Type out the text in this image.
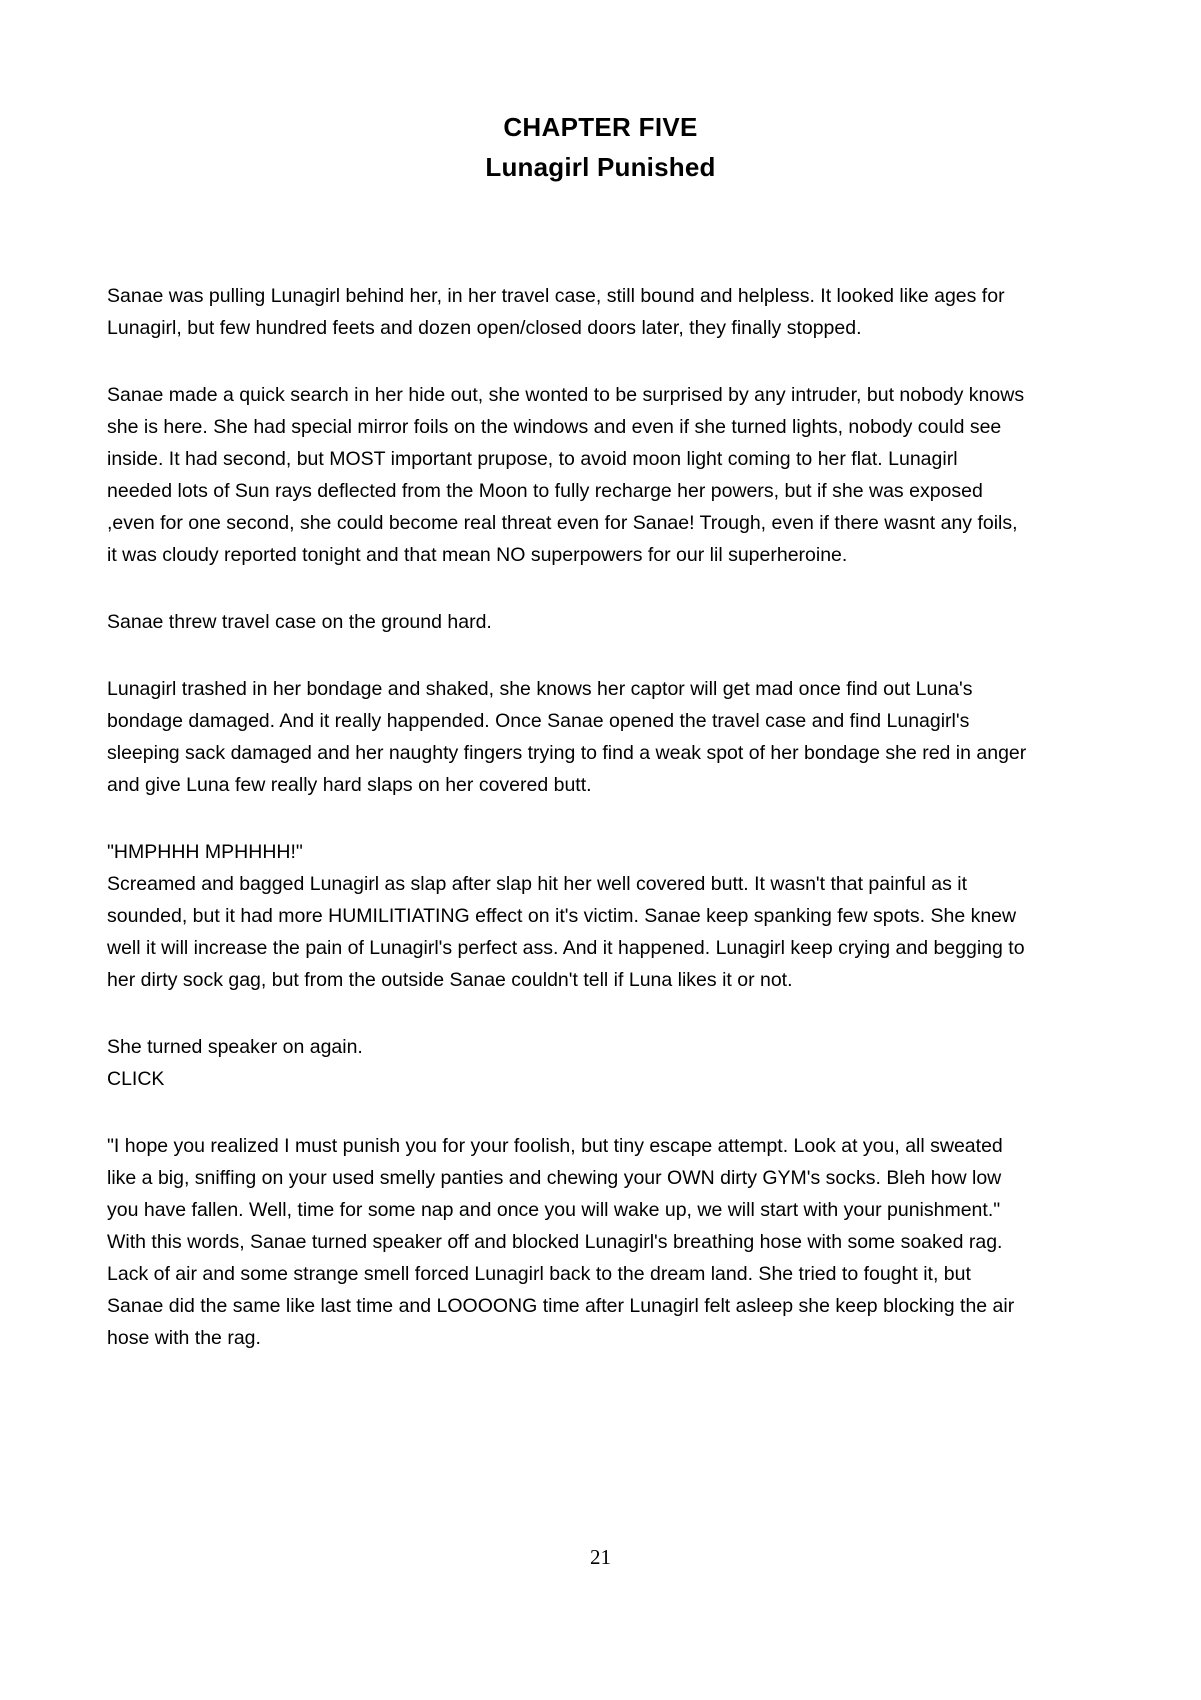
CHAPTER FIVE
Lunagirl Punished

Sanae was pulling Lunagirl behind her, in her travel case, still bound and helpless. It looked like ages for
Lunagirl, but few hundred feets and dozen open/closed doors later, they finally stopped.

Sanae made a quick search in her hide out, she wonted to be surprised by any intruder, but nobody knows
she is here. She had special mirror foils on the windows and even if she turned lights, nobody could see
inside. It had second, but MOST important prupose, to avoid moon light coming to her flat. Lunagirl
needed lots of Sun rays deflected from the Moon to fully recharge her powers, but if she was exposed
,even for one second, she could become real threat even for Sanae! Trough, even if there wasnt any foils,
it was cloudy reported tonight and that mean NO superpowers for our lil superheroine.

Sanae threw travel case on the ground hard.

Lunagirl trashed in her bondage and shaked, she knows her captor will get mad once find out Luna's
bondage damaged. And it really happended. Once Sanae opened the travel case and find Lunagirl's
sleeping sack damaged and her naughty fingers trying to find a weak spot of her bondage she red in anger
and give Luna few really hard slaps on her covered butt.

"HMPHHH MPHHHH!"
Screamed and bagged Lunagirl as slap after slap hit her well covered butt. It wasn't that painful as it
sounded, but it had more HUMILITIATING effect on it's victim. Sanae keep spanking few spots. She knew
well it will increase the pain of Lunagirl's perfect ass. And it happened. Lunagirl keep crying and begging to
her dirty sock gag, but from the outside Sanae couldn't tell if Luna likes it or not.

She turned speaker on again.
CLICK

"I hope you realized I must punish you for your foolish, but tiny escape attempt. Look at you, all sweated
like a big, sniffing on your used smelly panties and chewing your OWN dirty GYM's socks. Bleh how low
you have fallen. Well, time for some nap and once you will wake up, we will start with your punishment."
With this words, Sanae turned speaker off and blocked Lunagirl's breathing hose with some soaked rag.
Lack of air and some strange smell forced Lunagirl back to the dream land. She tried to fought it, but
Sanae did the same like last time and LOOOONG time after Lunagirl felt asleep she keep blocking the air
hose with the rag.

21
